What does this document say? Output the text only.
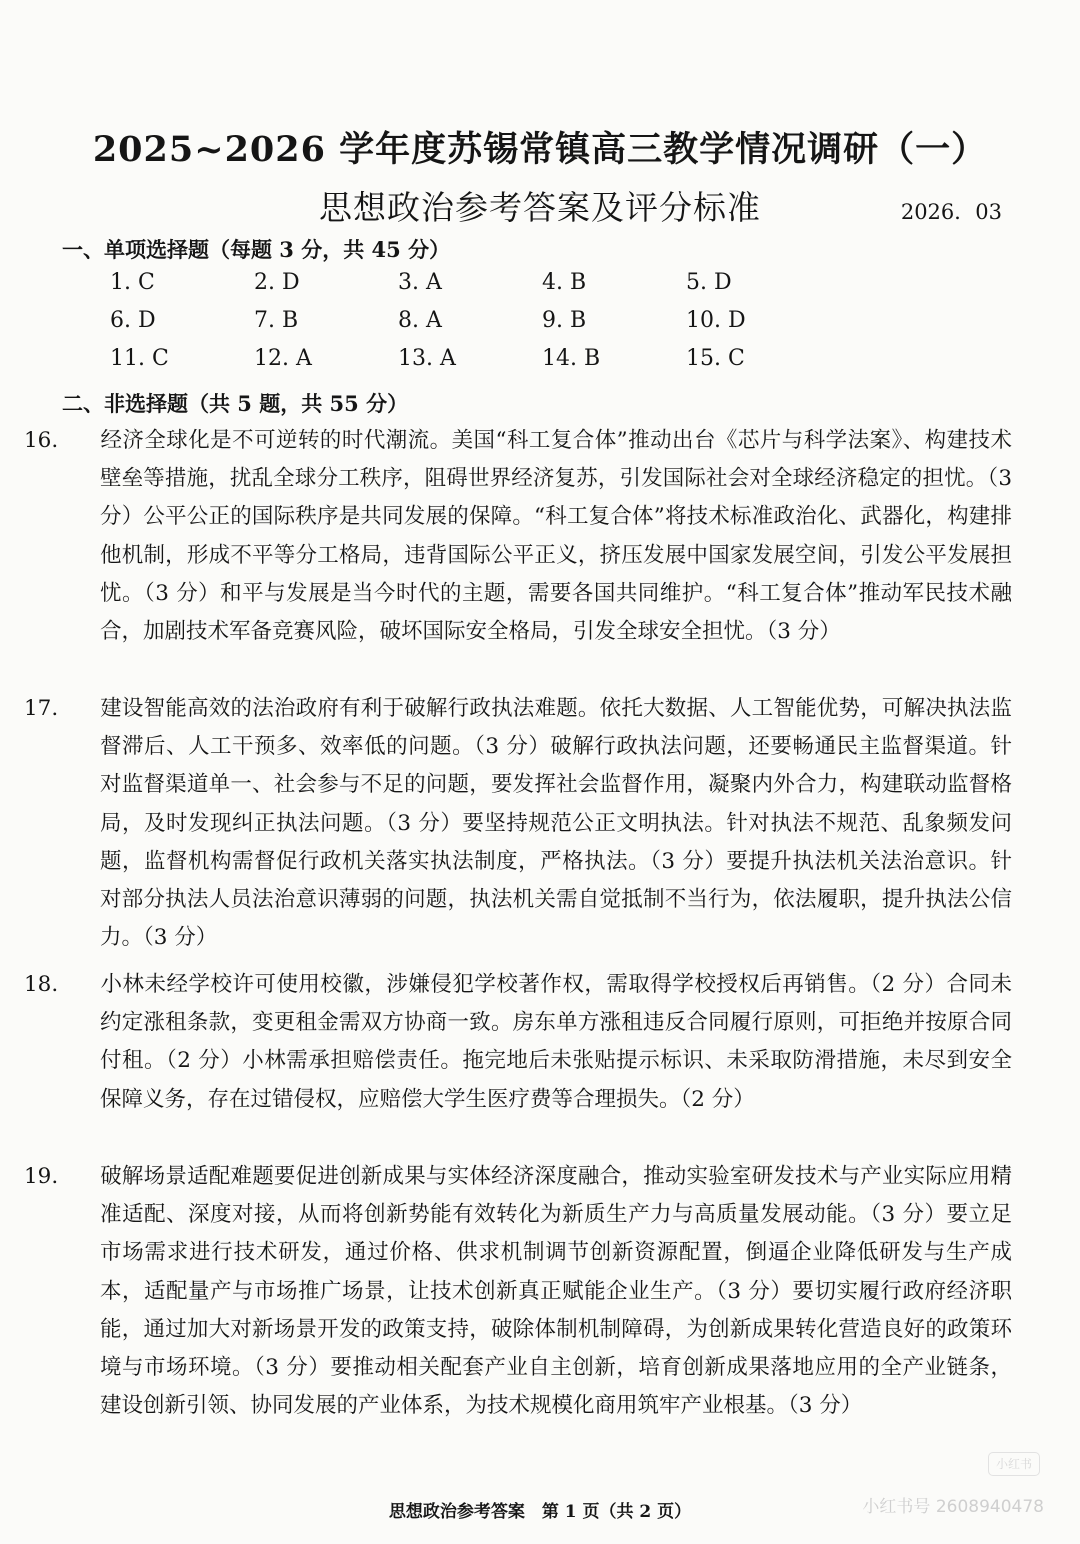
2025~2026 学年度苏锡常镇高三教学情况调研（一）
思想政治参考答案及评分标准	2026．03
一、单项选择题（每题 3 分，共 45 分）
1. C	2. D	3. A	4. B	5. D
6. D	7. B	8. A	9. B	10. D
11. C	12. A	13. A	14. B	15. C
二、非选择题（共 5 题，共 55 分）
16. 经济全球化是不可逆转的时代潮流。美国“科工复合体”推动出台《芯片与科学法案》、构建技术壁垒等措施，扰乱全球分工秩序，阻碍世界经济复苏，引发国际社会对全球经济稳定的担忧。（3 分）公平公正的国际秩序是共同发展的保障。“科工复合体”将技术标准政治化、武器化，构建排他机制，形成不平等分工格局，违背国际公平正义，挤压发展中国家发展空间，引发公平发展担忧。（3 分）和平与发展是当今时代的主题，需要各国共同维护。“科工复合体”推动军民技术融合，加剧技术军备竞赛风险，破坏国际安全格局，引发全球安全担忧。（3 分）
17. 建设智能高效的法治政府有利于破解行政执法难题。依托大数据、人工智能优势，可解决执法监督滞后、人工干预多、效率低的问题。（3 分）破解行政执法问题，还要畅通民主监督渠道。针对监督渠道单一、社会参与不足的问题，要发挥社会监督作用，凝聚内外合力，构建联动监督格局，及时发现纠正执法问题。（3 分）要坚持规范公正文明执法。针对执法不规范、乱象频发问题，监督机构需督促行政机关落实执法制度，严格执法。（3 分）要提升执法机关法治意识。针对部分执法人员法治意识薄弱的问题，执法机关需自觉抵制不当行为，依法履职，提升执法公信力。（3 分）
18. 小林未经学校许可使用校徽，涉嫌侵犯学校著作权，需取得学校授权后再销售。（2 分）合同未约定涨租条款，变更租金需双方协商一致。房东单方涨租违反合同履行原则，可拒绝并按原合同付租。（2 分）小林需承担赔偿责任。拖完地后未张贴提示标识、未采取防滑措施，未尽到安全保障义务，存在过错侵权，应赔偿大学生医疗费等合理损失。（2 分）
19. 破解场景适配难题要促进创新成果与实体经济深度融合，推动实验室研发技术与产业实际应用精准适配、深度对接，从而将创新势能有效转化为新质生产力与高质量发展动能。（3 分）要立足市场需求进行技术研发，通过价格、供求机制调节创新资源配置，倒逼企业降低研发与生产成本，适配量产与市场推广场景，让技术创新真正赋能企业生产。（3 分）要切实履行政府经济职能，通过加大对新场景开发的政策支持，破除体制机制障碍，为创新成果转化营造良好的政策环境与市场环境。（3 分）要推动相关配套产业自主创新，培育创新成果落地应用的全产业链条，建设创新引领、协同发展的产业体系，为技术规模化商用筑牢产业根基。（3 分）
小红书
思想政治参考答案　第 1 页（共 2 页）	小红书号 2608940478
